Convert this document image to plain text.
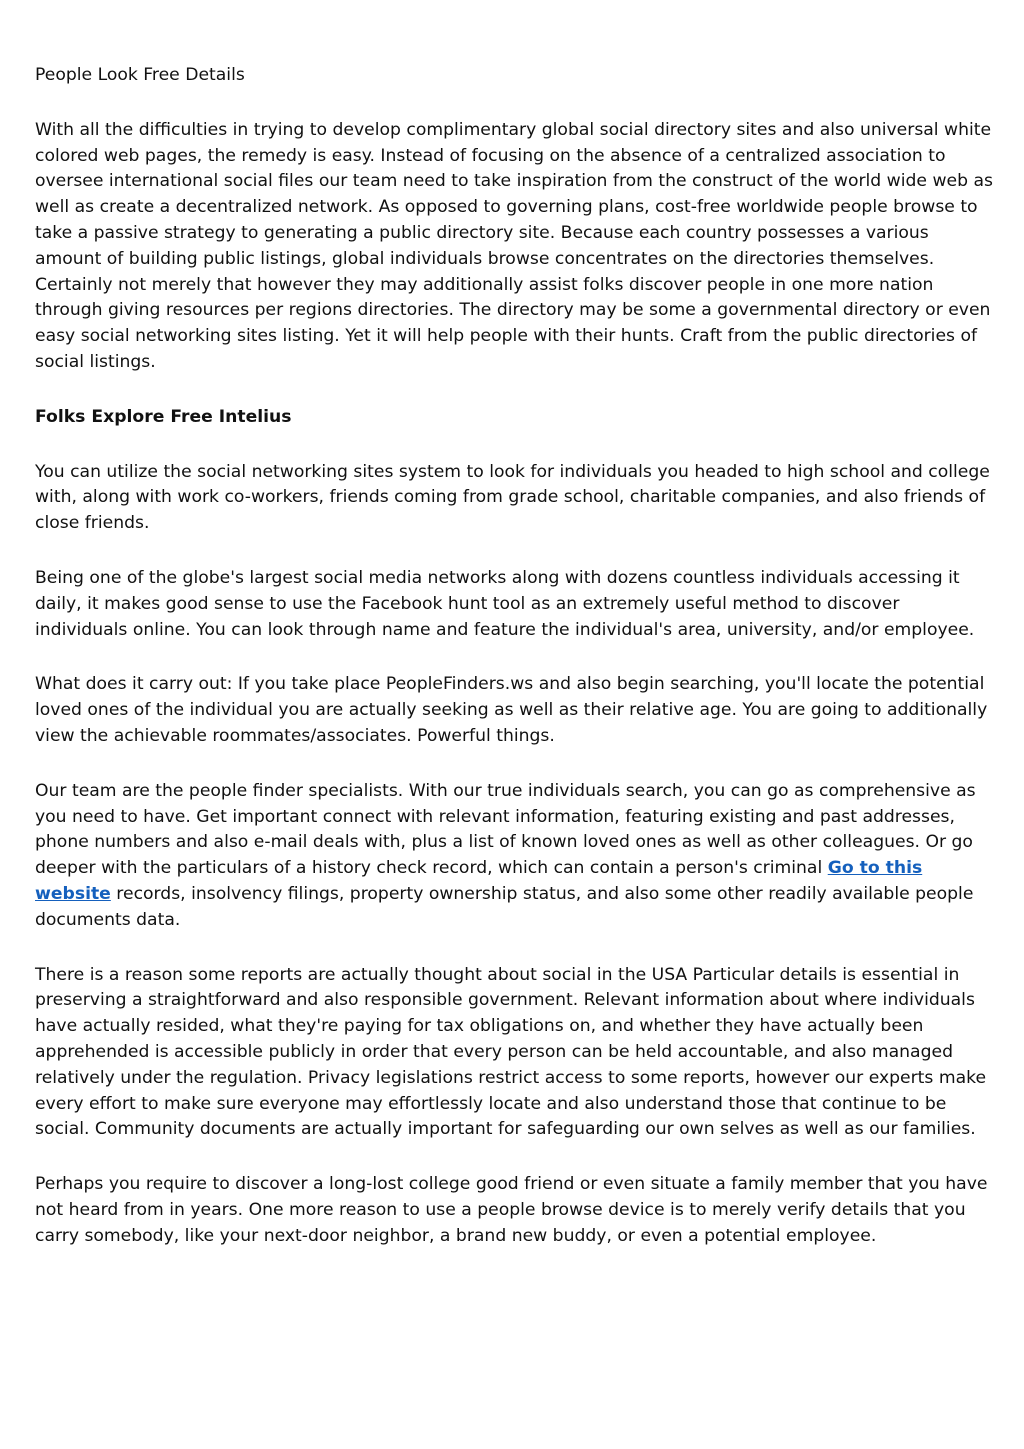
People Look Free Details

With all the difficulties in trying to develop complimentary global social directory sites and also universal white colored web pages, the remedy is easy. Instead of focusing on the absence of a centralized association to oversee international social files our team need to take inspiration from the construct of the world wide web as well as create a decentralized network. As opposed to governing plans, cost-free worldwide people browse to take a passive strategy to generating a public directory site. Because each country possesses a various amount of building public listings, global individuals browse concentrates on the directories themselves. Certainly not merely that however they may additionally assist folks discover people in one more nation through giving resources per regions directories. The directory may be some a governmental directory or even easy social networking sites listing. Yet it will help people with their hunts. Craft from the public directories of social listings.

Folks Explore Free Intelius

You can utilize the social networking sites system to look for individuals you headed to high school and college with, along with work co-workers, friends coming from grade school, charitable companies, and also friends of close friends.

Being one of the globe's largest social media networks along with dozens countless individuals accessing it daily, it makes good sense to use the Facebook hunt tool as an extremely useful method to discover individuals online. You can look through name and feature the individual's area, university, and/or employee.

What does it carry out: If you take place PeopleFinders.ws and also begin searching, you'll locate the potential loved ones of the individual you are actually seeking as well as their relative age. You are going to additionally view the achievable roommates/associates. Powerful things.

Our team are the people finder specialists. With our true individuals search, you can go as comprehensive as you need to have. Get important connect with relevant information, featuring existing and past addresses, phone numbers and also e-mail deals with, plus a list of known loved ones as well as other colleagues. Or go deeper with the particulars of a history check record, which can contain a person's criminal Go to this website records, insolvency filings, property ownership status, and also some other readily available people documents data.

There is a reason some reports are actually thought about social in the USA Particular details is essential in preserving a straightforward and also responsible government. Relevant information about where individuals have actually resided, what they're paying for tax obligations on, and whether they have actually been apprehended is accessible publicly in order that every person can be held accountable, and also managed relatively under the regulation. Privacy legislations restrict access to some reports, however our experts make every effort to make sure everyone may effortlessly locate and also understand those that continue to be social. Community documents are actually important for safeguarding our own selves as well as our families.

Perhaps you require to discover a long-lost college good friend or even situate a family member that you have not heard from in years. One more reason to use a people browse device is to merely verify details that you carry somebody, like your next-door neighbor, a brand new buddy, or even a potential employee.
